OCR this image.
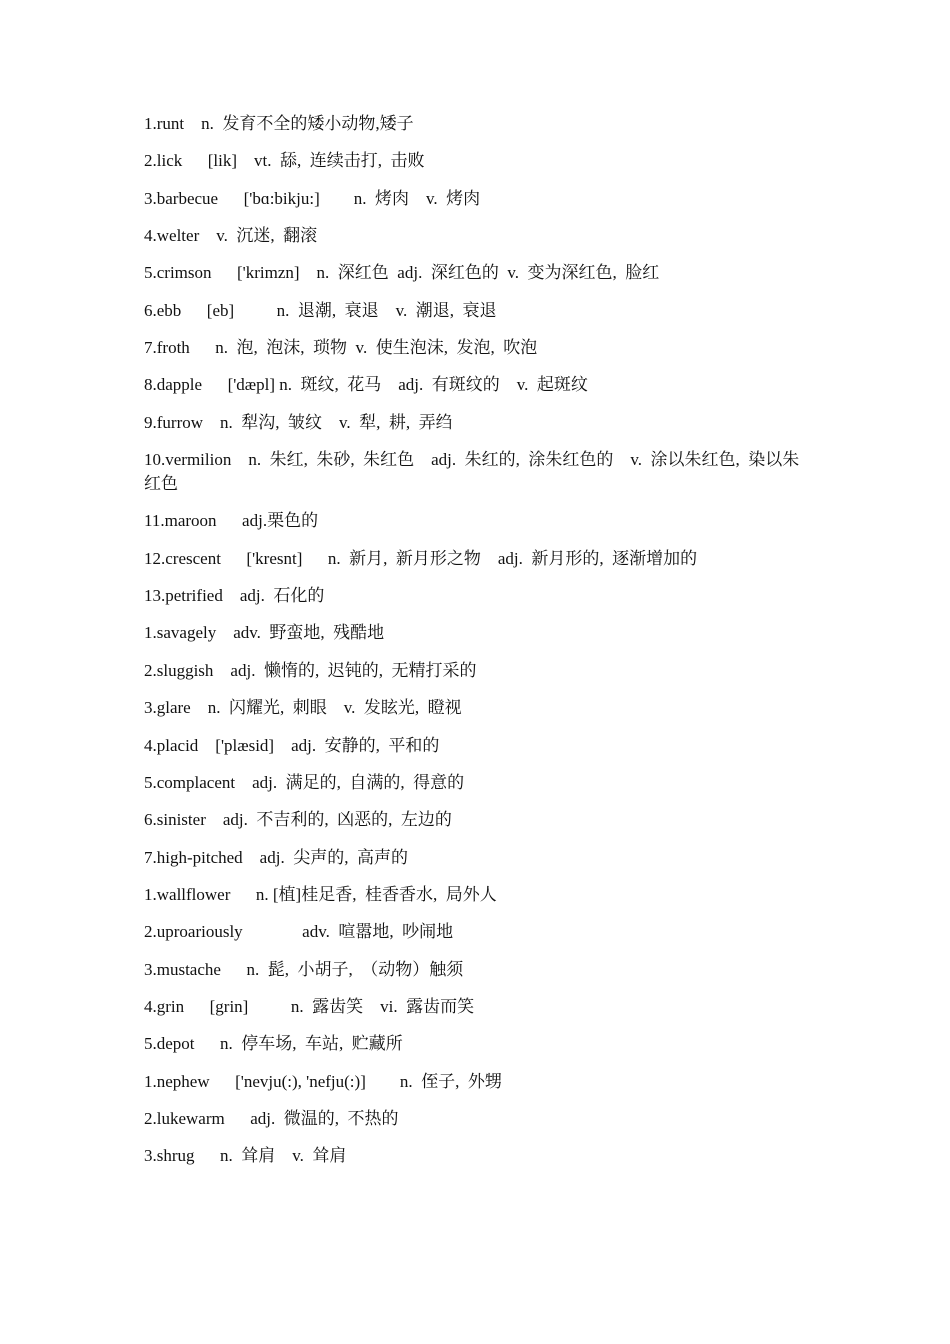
1.runt    n.  发育不全的矮小动物,矮子
2.lick      [lik]    vt.  舔,  连续击打,  击败
3.barbecue      ['bɑ:bikju:]        n.  烤肉    v.  烤肉
4.welter    v.  沉迷,  翻滚
5.crimson      ['krimzn]    n.  深红色  adj.  深红色的  v.  变为深红色,  脸红
6.ebb      [eb]          n.  退潮,  衰退    v.  潮退,  衰退
7.froth      n.  泡,  泡沫,  琐物  v.  使生泡沫,  发泡,  吹泡
8.dapple      ['dæpl] n.  斑纹,  花马    adj.  有斑纹的    v.  起斑纹
9.furrow    n.  犁沟,  皱纹    v.  犁,  耕,  弄绉
10.vermilion    n.  朱红,  朱砂,  朱红色    adj.  朱红的,  涂朱红色的    v.  涂以朱红色,  染以朱红色
11.maroon      adj.栗色的
12.crescent      ['kresnt]      n.  新月,  新月形之物    adj.  新月形的,  逐渐增加的
13.petrified    adj.  石化的
1.savagely    adv.  野蛮地,  残酷地
2.sluggish    adj.  懒惰的,  迟钝的,  无精打采的
3.glare    n.  闪耀光,  刺眼    v.  发眩光,  瞪视
4.placid    ['plæsid]    adj.  安静的,  平和的
5.complacent    adj.  满足的,  自满的,  得意的
6.sinister    adj.  不吉利的,  凶恶的,  左边的
7.high-pitched    adj.  尖声的,  高声的
1.wallflower      n. [植]桂足香,  桂香香水,  局外人
2.uproariously              adv.  喧嚣地,  吵闹地
3.mustache      n.  髭,  小胡子,  （动物）触须
4.grin      [grin]          n.  露齿笑    vi.  露齿而笑
5.depot      n.  停车场,  车站,  贮藏所
1.nephew      ['nevju(:), 'nefju(:)]        n.  侄子,  外甥
2.lukewarm      adj.  微温的,  不热的
3.shrug      n.  耸肩    v.  耸肩
